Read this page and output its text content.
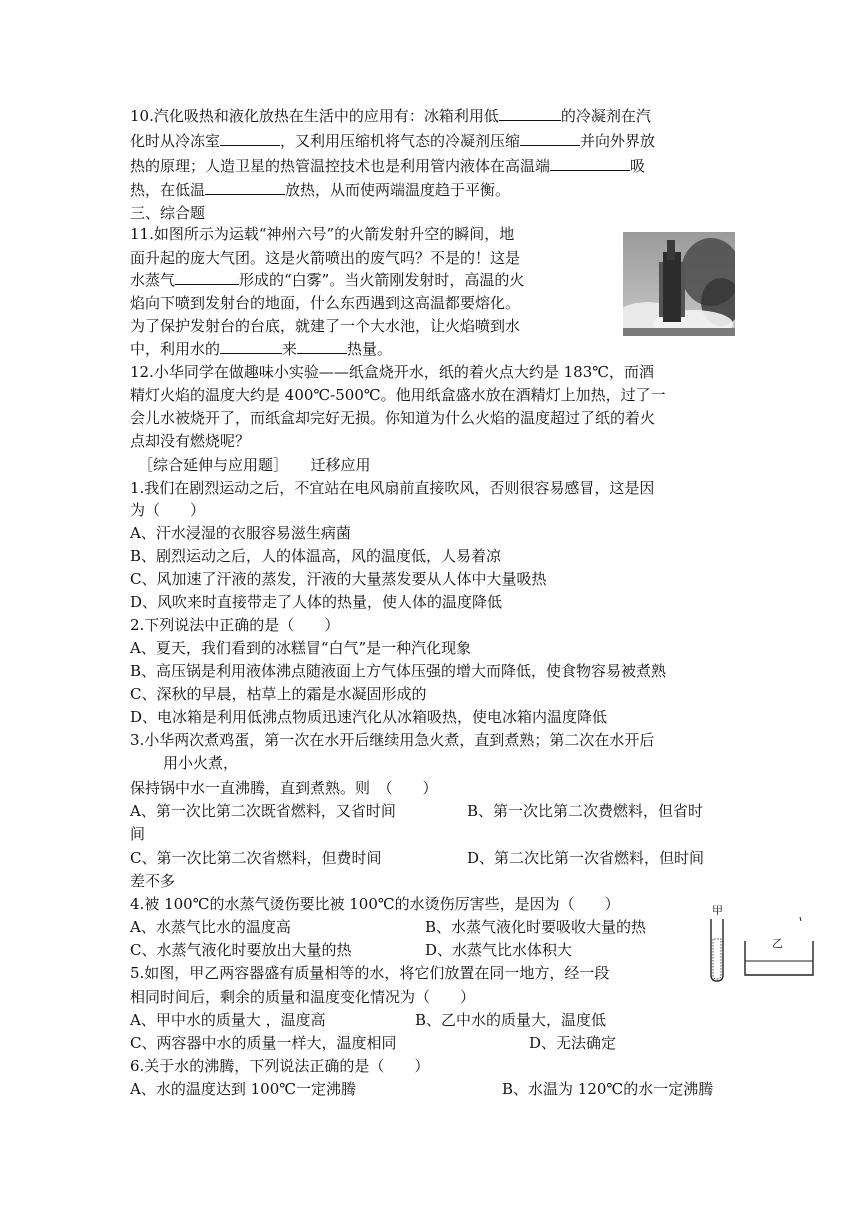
10.汽化吸热和液化放热在生活中的应用有：冰箱利用低	的冷凝剂在汽
化时从冷冻室	，又利用压缩机将气态的冷凝剂压缩	并向外界放
热的原理；人造卫星的热管温控技术也是利用管内液体在高温端	吸
热，在低温	放热，从而使两端温度趋于平衡。
三、综合题
11.如图所示为运载“神州六号”的火箭发射升空的瞬间，地
面升起的庞大气团。这是火箭喷出的废气吗？不是的！这是
水蒸气	形成的“白雾”。当火箭刚发射时，高温的火
焰向下喷到发射台的地面，什么东西遇到这高温都要熔化。
为了保护发射台的台底，就建了一个大水池，让火焰喷到水
中，利用水的	来	热量。
12.小华同学在做趣味小实验——纸盒烧开水，纸的着火点大约是 183℃，而酒
精灯火焰的温度大约是 400℃-500℃。他用纸盒盛水放在酒精灯上加热，过了一
会儿水被烧开了，而纸盒却完好无损。你知道为什么火焰的温度超过了纸的着火
点却没有燃烧呢？
［综合延伸与应用题］　　迁移应用
1.我们在剧烈运动之后，不宜站在电风扇前直接吹风，否则很容易感冒，这是因
为（　　）
A、汗水浸湿的衣服容易滋生病菌
B、剧烈运动之后，人的体温高，风的温度低，人易着凉
C、风加速了汗液的蒸发，汗液的大量蒸发要从人体中大量吸热
D、风吹来时直接带走了人体的热量，使人体的温度降低
2.下列说法中正确的是（　　）
A、夏天，我们看到的冰糕冒“白气”是一种汽化现象
B、高压锅是利用液体沸点随液面上方气体压强的增大而降低，使食物容易被煮熟
C、深秋的早晨，枯草上的霜是水凝固形成的
D、电冰箱是利用低沸点物质迅速汽化从冰箱吸热，使电冰箱内温度降低
3.小华两次煮鸡蛋，第一次在水开后继续用急火煮，直到煮熟；第二次在水开后
用小火煮，
保持锅中水一直沸腾，直到煮熟。则　（　　）
A、第一次比第二次既省燃料，又省时间	B、第一次比第二次费燃料，但省时
间
C、第一次比第二次省燃料，但费时间	D、第二次比第一次省燃料，但时间
差不多
4.被 100℃的水蒸气烫伤要比被 100℃的水烫伤厉害些，是因为（　　）
A、水蒸气比水的温度高	B、水蒸气液化时要吸收大量的热
C、水蒸气液化时要放出大量的热	D、水蒸气比水体积大
甲
乙
5.如图，甲乙两容器盛有质量相等的水，将它们放置在同一地方，经一段
相同时间后，剩余的质量和温度变化情况为（　　）
A、甲中水的质量大 ，温度高	B、乙中水的质量大，温度低
C、两容器中水的质量一样大，温度相同	D、无法确定
6.关于水的沸腾，下列说法正确的是（　　）
A、水的温度达到 100℃一定沸腾	B、水温为 120℃的水一定沸腾
